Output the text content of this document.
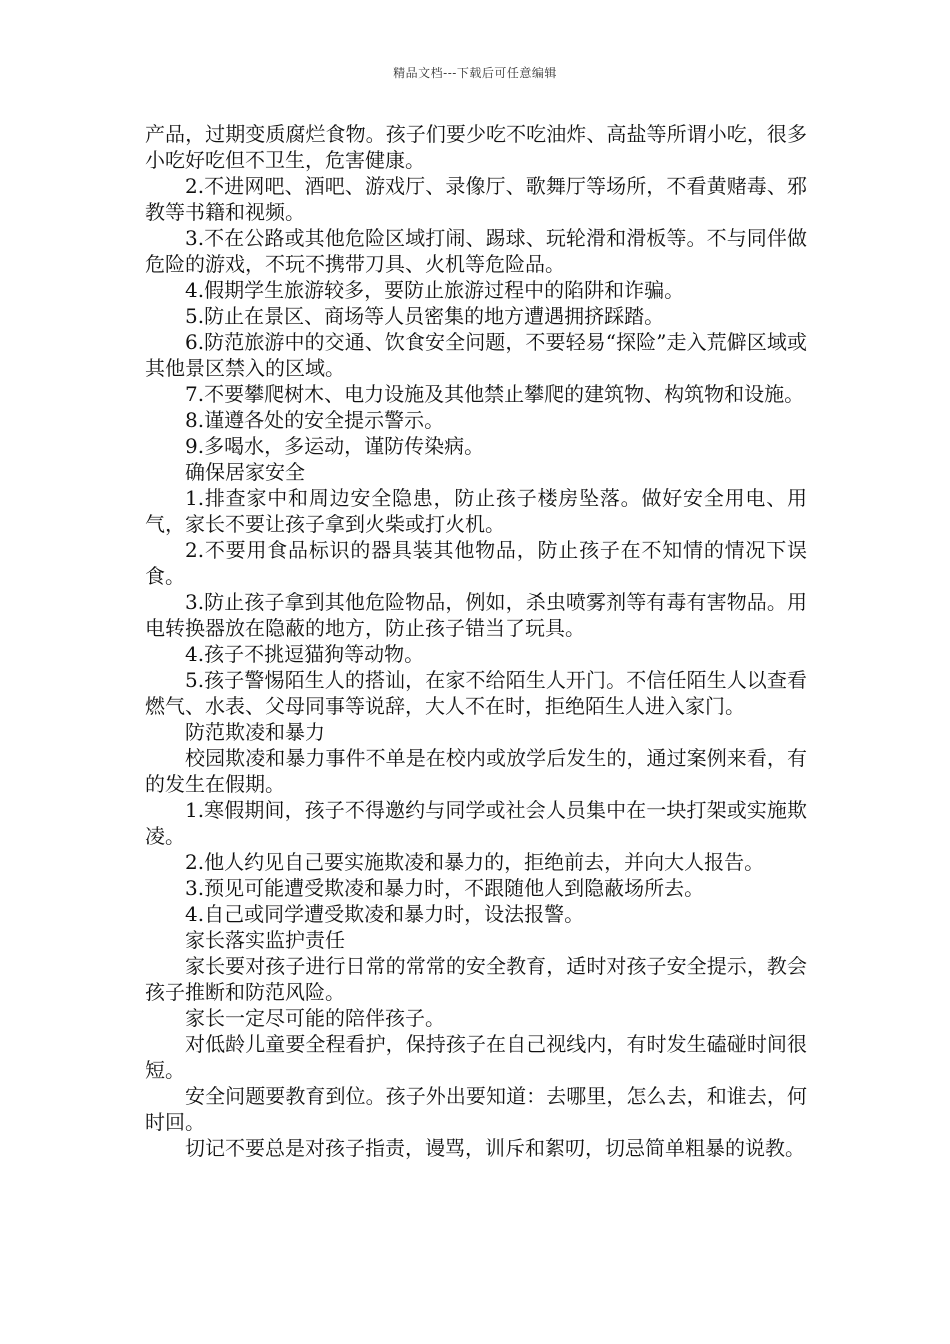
精品文档---下载后可任意编辑

产品，过期变质腐烂食物。孩子们要少吃不吃油炸、高盐等所谓小吃，很多小吃好吃但不卫生，危害健康。

2.不进网吧、酒吧、游戏厅、录像厅、歌舞厅等场所，不看黄赌毒、邪教等书籍和视频。

3.不在公路或其他危险区域打闹、踢球、玩轮滑和滑板等。不与同伴做危险的游戏，不玩不携带刀具、火机等危险品。

4.假期学生旅游较多，要防止旅游过程中的陷阱和诈骗。

5.防止在景区、商场等人员密集的地方遭遇拥挤踩踏。

6.防范旅游中的交通、饮食安全问题，不要轻易“探险”走入荒僻区域或其他景区禁入的区域。

7.不要攀爬树木、电力设施及其他禁止攀爬的建筑物、构筑物和设施。

8.谨遵各处的安全提示警示。

9.多喝水，多运动，谨防传染病。

确保居家安全

1.排查家中和周边安全隐患，防止孩子楼房坠落。做好安全用电、用气，家长不要让孩子拿到火柴或打火机。

2.不要用食品标识的器具装其他物品，防止孩子在不知情的情况下误食。

3.防止孩子拿到其他危险物品，例如，杀虫喷雾剂等有毒有害物品。用电转换器放在隐蔽的地方，防止孩子错当了玩具。

4.孩子不挑逗猫狗等动物。

5.孩子警惕陌生人的搭讪，在家不给陌生人开门。不信任陌生人以查看燃气、水表、父母同事等说辞，大人不在时，拒绝陌生人进入家门。

防范欺凌和暴力

校园欺凌和暴力事件不单是在校内或放学后发生的，通过案例来看，有的发生在假期。

1.寒假期间，孩子不得邀约与同学或社会人员集中在一块打架或实施欺凌。

2.他人约见自己要实施欺凌和暴力的，拒绝前去，并向大人报告。

3.预见可能遭受欺凌和暴力时，不跟随他人到隐蔽场所去。

4.自己或同学遭受欺凌和暴力时，设法报警。

家长落实监护责任

家长要对孩子进行日常的常常的安全教育，适时对孩子安全提示，教会孩子推断和防范风险。

家长一定尽可能的陪伴孩子。

对低龄儿童要全程看护，保持孩子在自己视线内，有时发生磕碰时间很短。

安全问题要教育到位。孩子外出要知道：去哪里，怎么去，和谁去，何时回。

切记不要总是对孩子指责，谩骂，训斥和絮叨，切忌简单粗暴的说教。
